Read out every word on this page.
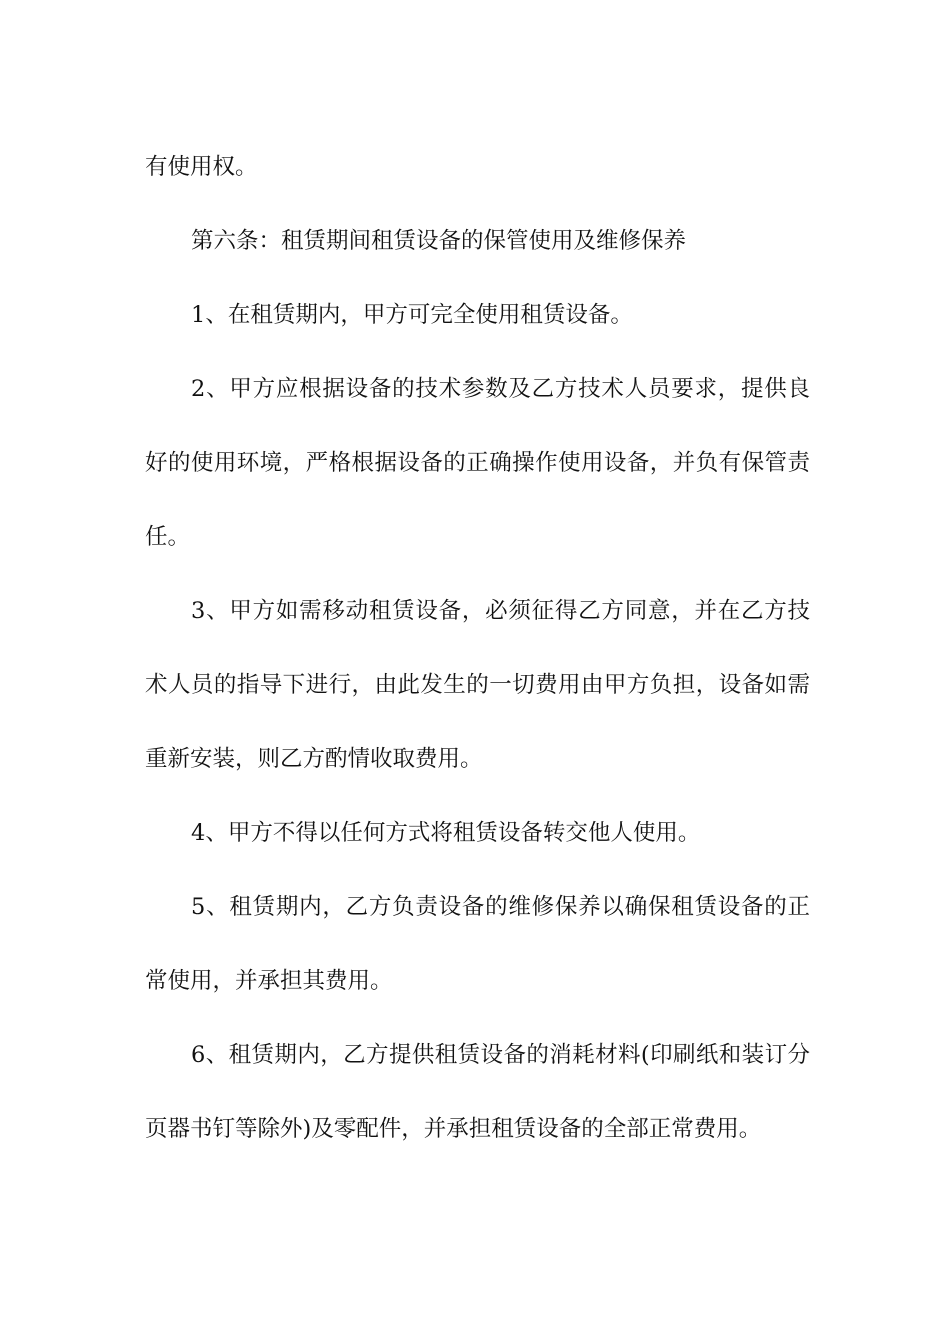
有使用权。

第六条：租赁期间租赁设备的保管使用及维修保养

1、在租赁期内，甲方可完全使用租赁设备。

2、甲方应根据设备的技术参数及乙方技术人员要求，提供良好的使用环境，严格根据设备的正确操作使用设备，并负有保管责任。

3、甲方如需移动租赁设备，必须征得乙方同意，并在乙方技术人员的指导下进行，由此发生的一切费用由甲方负担，设备如需重新安装，则乙方酌情收取费用。

4、甲方不得以任何方式将租赁设备转交他人使用。

5、租赁期内，乙方负责设备的维修保养以确保租赁设备的正常使用，并承担其费用。

6、租赁期内，乙方提供租赁设备的消耗材料(印刷纸和装订分页器书钉等除外)及零配件，并承担租赁设备的全部正常费用。
